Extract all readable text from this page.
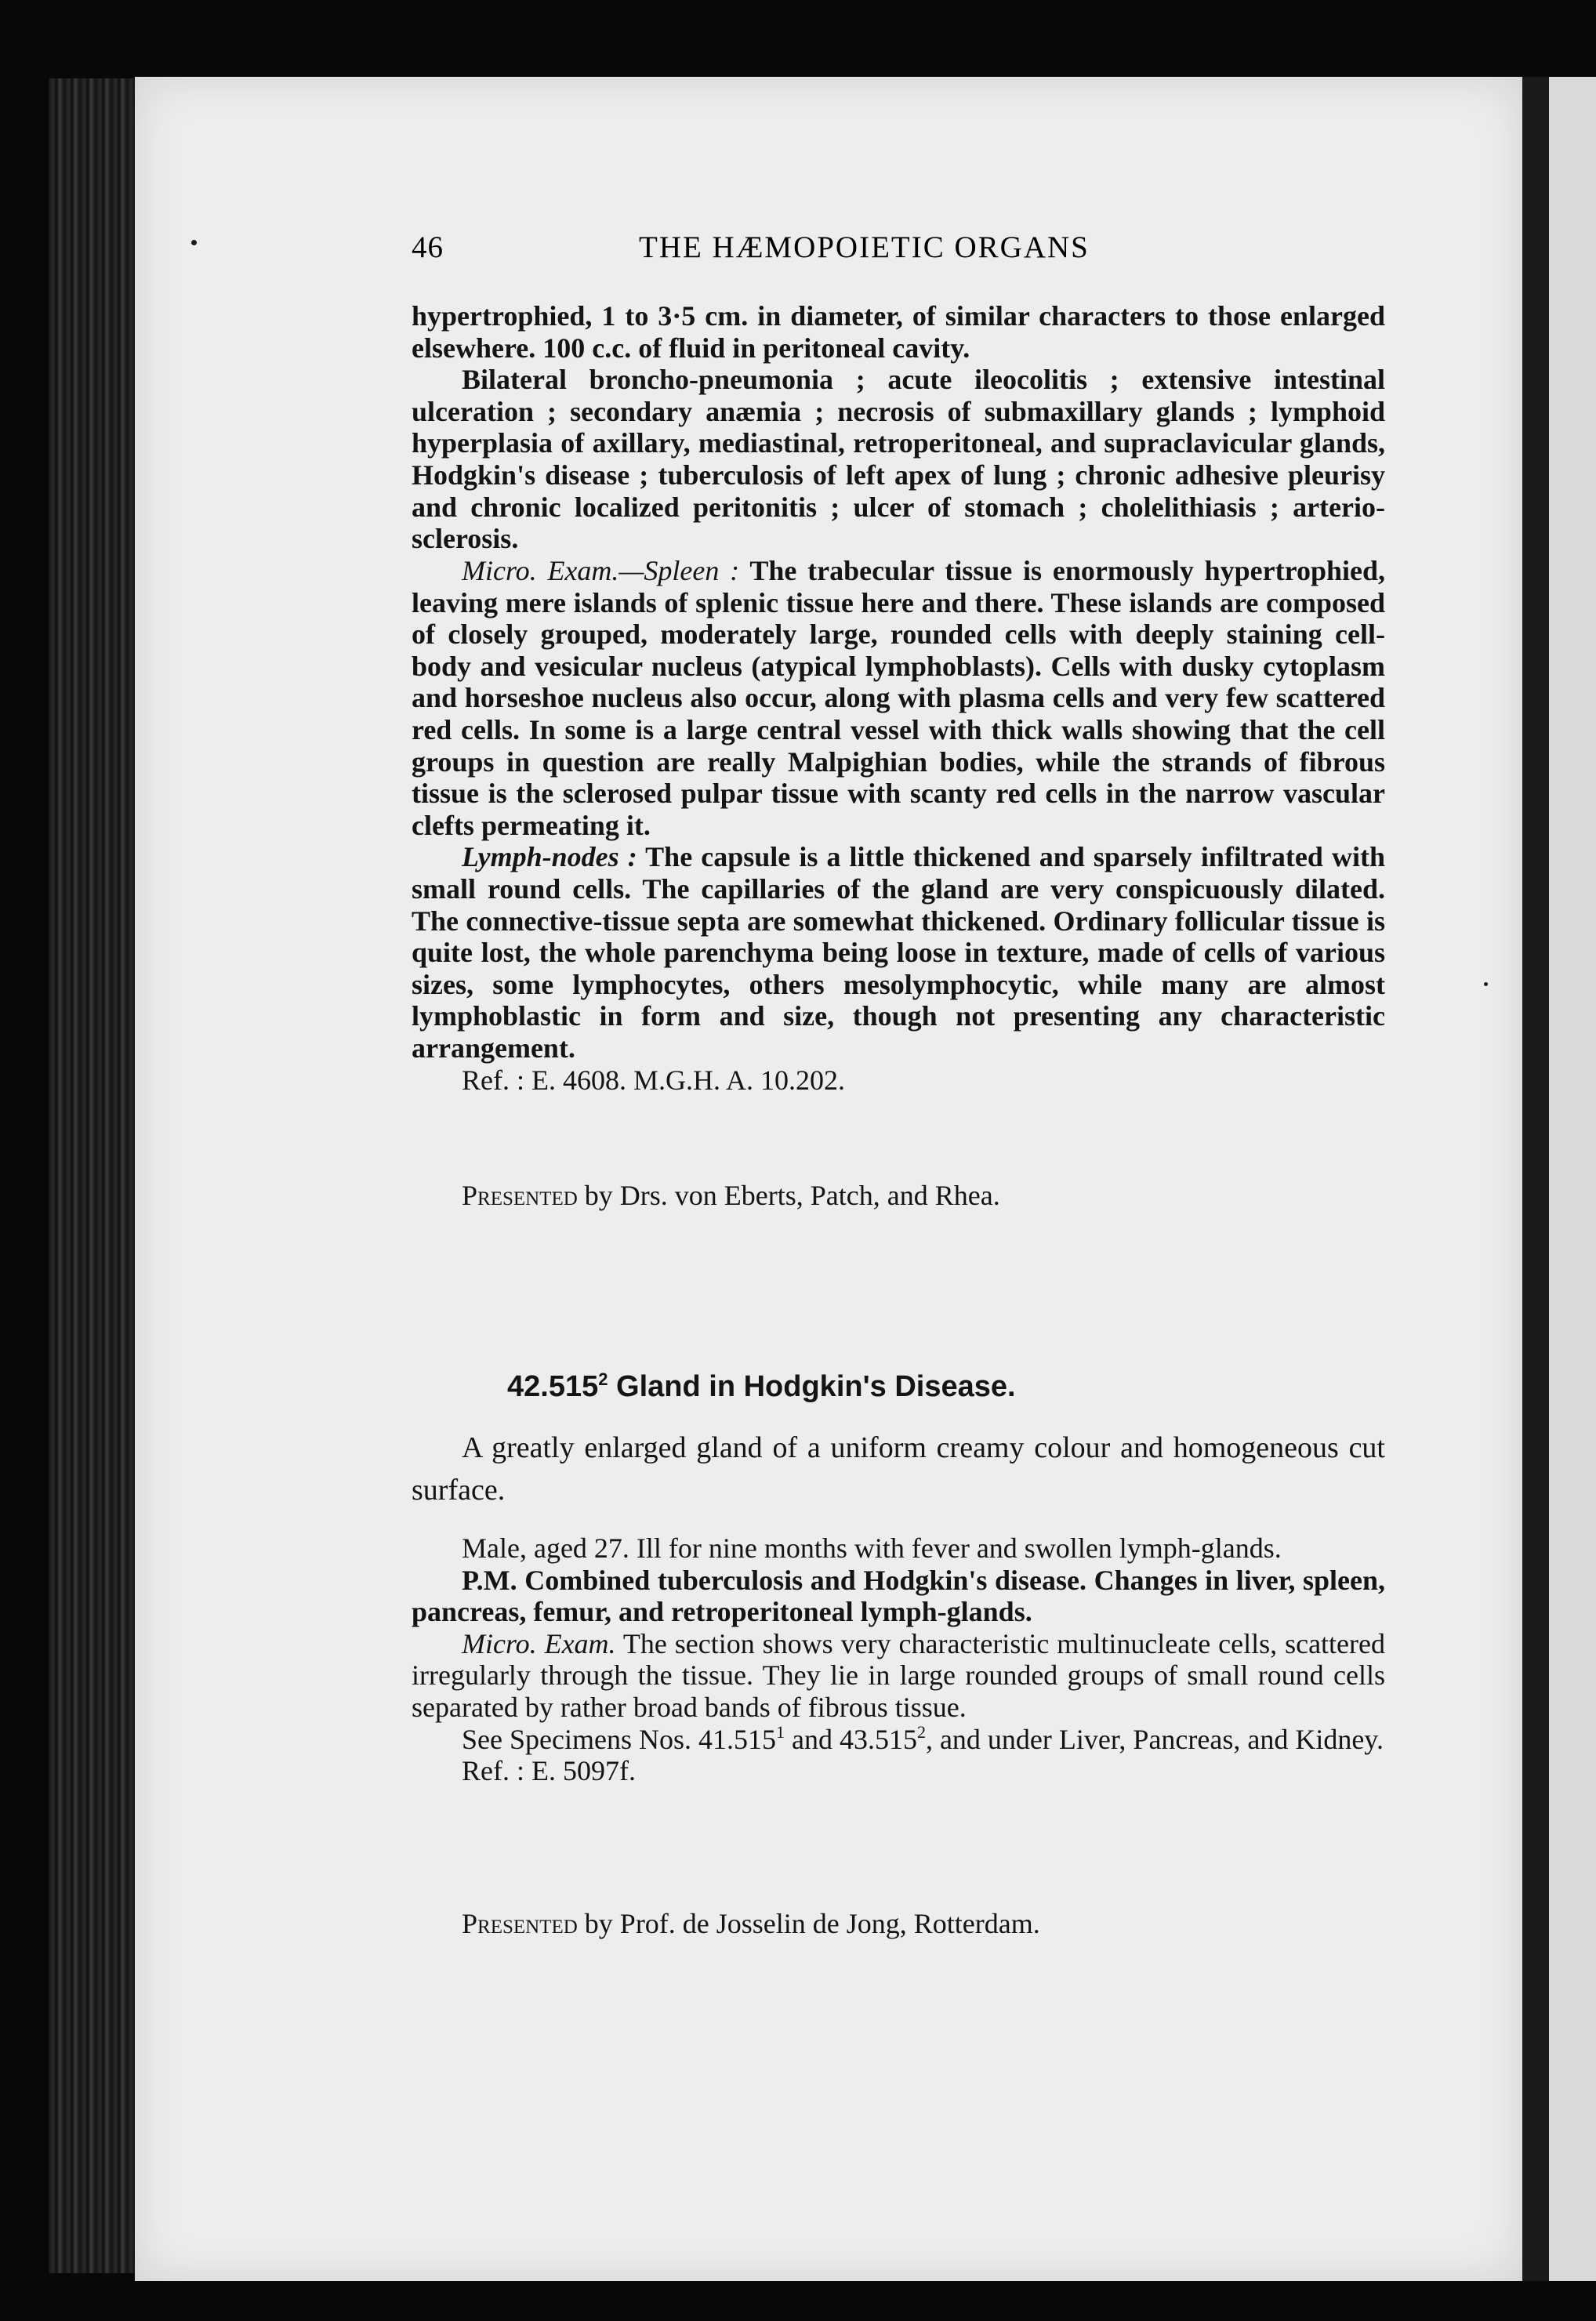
46	THE HÆMOPOIETIC ORGANS

hypertrophied, 1 to 3·5 cm. in diameter, of similar characters to those enlarged elsewhere. 100 c.c. of fluid in peritoneal cavity.

Bilateral broncho-pneumonia ; acute ileocolitis ; extensive intestinal ulceration ; secondary anæmia ; necrosis of submaxillary glands ; lymphoid hyperplasia of axillary, mediastinal, retroperitoneal, and supraclavicular glands, Hodgkin's disease ; tuberculosis of left apex of lung ; chronic adhesive pleurisy and chronic localized peritonitis ; ulcer of stomach ; cholelithiasis ; arterio-sclerosis.

Micro. Exam.—Spleen : The trabecular tissue is enormously hypertrophied, leaving mere islands of splenic tissue here and there. These islands are composed of closely grouped, moderately large, rounded cells with deeply staining cell-body and vesicular nucleus (atypical lymphoblasts). Cells with dusky cytoplasm and horseshoe nucleus also occur, along with plasma cells and very few scattered red cells. In some is a large central vessel with thick walls showing that the cell groups in question are really Malpighian bodies, while the strands of fibrous tissue is the sclerosed pulpar tissue with scanty red cells in the narrow vascular clefts permeating it.

Lymph-nodes : The capsule is a little thickened and sparsely infiltrated with small round cells. The capillaries of the gland are very conspicuously dilated. The connective-tissue septa are somewhat thickened. Ordinary follicular tissue is quite lost, the whole parenchyma being loose in texture, made of cells of various sizes, some lymphocytes, others mesolymphocytic, while many are almost lymphoblastic in form and size, though not presenting any characteristic arrangement.

Ref. : E. 4608. M.G.H. A. 10.202.

Presented by Drs. von Eberts, Patch, and Rhea.

42.515$^2$ Gland in Hodgkin's Disease.

A greatly enlarged gland of a uniform creamy colour and homogeneous cut surface.

Male, aged 27. Ill for nine months with fever and swollen lymph-glands.

P.M. Combined tuberculosis and Hodgkin's disease. Changes in liver, spleen, pancreas, femur, and retroperitoneal lymph-glands.

Micro. Exam. The section shows very characteristic multinucleate cells, scattered irregularly through the tissue. They lie in large rounded groups of small round cells separated by rather broad bands of fibrous tissue.

See Specimens Nos. 41.515$^1$ and 43.515$^2$, and under Liver, Pancreas, and Kidney.

Ref. : E. 5097f.

Presented by Prof. de Josselin de Jong, Rotterdam.
